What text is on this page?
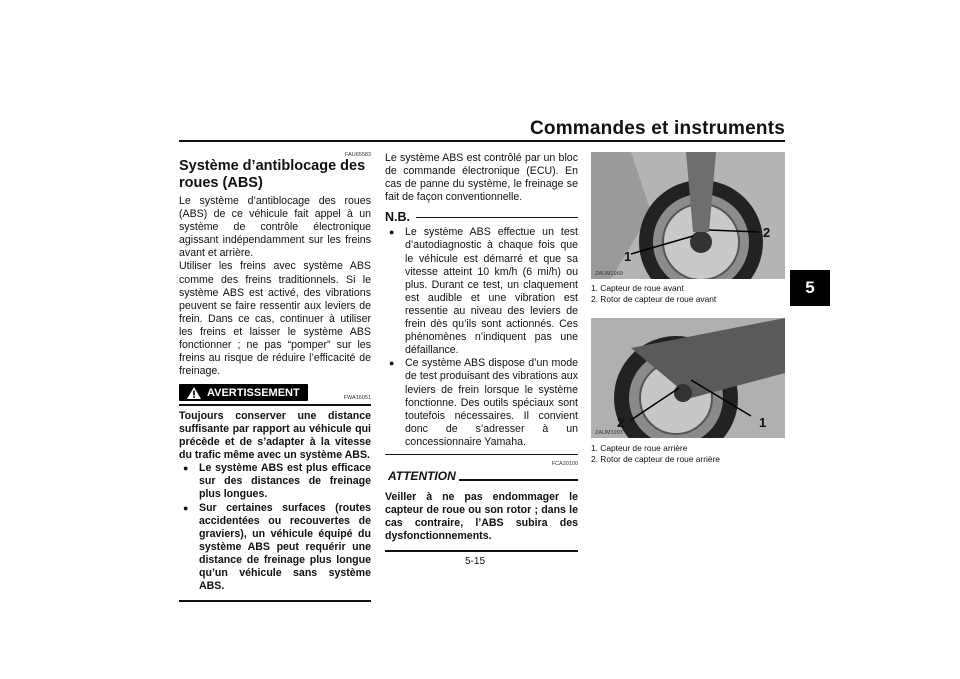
Commandes et instruments
5
FAU65583
Système d’antiblocage des roues (ABS)
Le système d’antiblocage des roues (ABS) de ce véhicule fait appel à un système de contrôle électronique agissant indépendamment sur les freins avant et arrière.
Utiliser les freins avec système ABS comme des freins traditionnels. Si le système ABS est activé, des vibrations peuvent se faire ressentir aux leviers de frein. Dans ce cas, continuer à utiliser les freins et laisser le système ABS fonctionner ; ne pas “pomper” sur les freins au risque de réduire l’efficacité de freinage.
AVERTISSEMENT	FWA16051
Toujours conserver une distance suffisante par rapport au véhicule qui précède et de s’adapter à la vitesse du trafic même avec un système ABS.
● Le système ABS est plus efficace sur des distances de freinage plus longues.
● Sur certaines surfaces (routes accidentées ou recouvertes de graviers), un véhicule équipé du système ABS peut requérir une distance de freinage plus longue qu’un véhicule sans système ABS.
Le système ABS est contrôlé par un bloc de commande électronique (ECU). En cas de panne du système, le freinage se fait de façon conventionnelle.
N.B.
● Le système ABS effectue un test d’autodiagnostic à chaque fois que le véhicule est démarré et que sa vitesse atteint 10 km/h (6 mi/h) ou plus. Durant ce test, un claquement est audible et une vibration est ressentie au niveau des leviers de frein dès qu’ils sont actionnés. Ces phénomènes n’indiquent pas une défaillance.
● Ce système ABS dispose d’un mode de test produisant des vibrations aux leviers de frein lorsque le système fonctionne. Des outils spéciaux sont toutefois nécessaires. Il convient donc de s’adresser à un concessionnaire Yamaha.
FCA20100
ATTENTION
Veiller à ne pas endommager le capteur de roue ou son rotor ; dans le cas contraire, l’ABS subira des dysfonctionnements.
1
2
ZAUM1969
1. Capteur de roue avant
2. Rotor de capteur de roue avant
2	1
ZAUM1993
1. Capteur de roue arrière
2. Rotor de capteur de roue arrière
5-15
